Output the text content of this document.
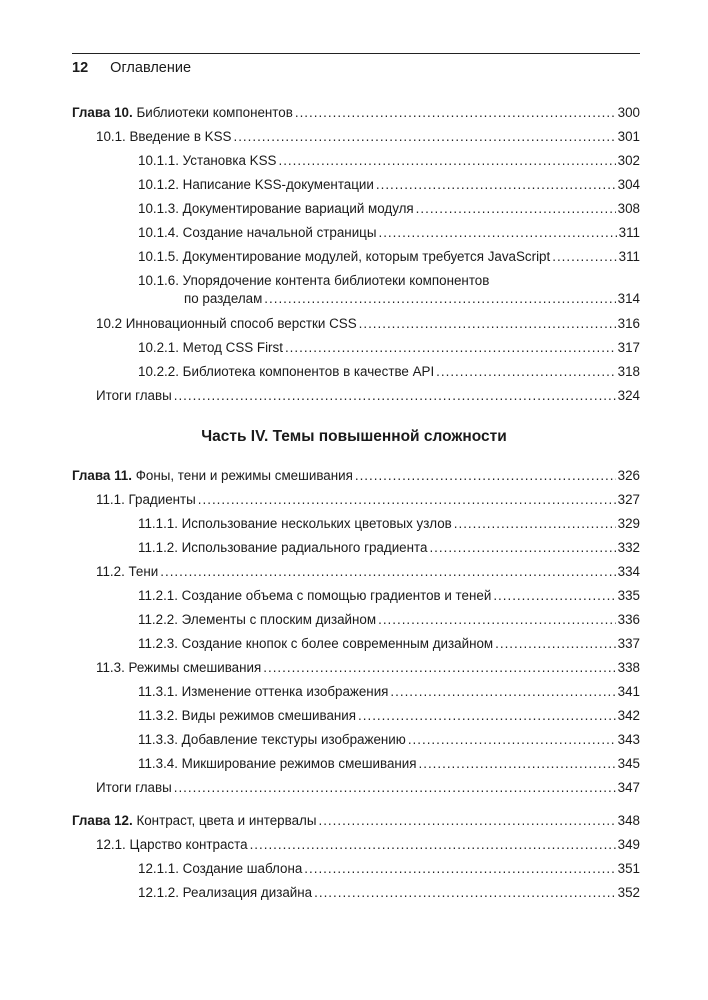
12 Оглавление
Глава 10. Библиотеки компонентов .....	300
10.1. Введение в KSS .....	301
10.1.1. Установка KSS .....	302
10.1.2. Написание KSS-документации .....	304
10.1.3. Документирование вариаций модуля .....	308
10.1.4. Создание начальной страницы .....	311
10.1.5. Документирование модулей, которым требуется JavaScript .....	311
10.1.6. Упорядочение контента библиотеки компонентов
по разделам .....	314
10.2 Инновационный способ верстки CSS .....	316
10.2.1. Метод CSS First .....	317
10.2.2. Библиотека компонентов в качестве API .....	318
Итоги главы .....	324
Часть IV. Темы повышенной сложности
Глава 11. Фоны, тени и режимы смешивания .....	326
11.1. Градиенты .....	327
11.1.1. Использование нескольких цветовых узлов .....	329
11.1.2. Использование радиального градиента .....	332
11.2. Тени .....	334
11.2.1. Создание объема с помощью градиентов и теней .....	335
11.2.2. Элементы с плоским дизайном .....	336
11.2.3. Создание кнопок с более современным дизайном .....	337
11.3. Режимы смешивания .....	338
11.3.1. Изменение оттенка изображения .....	341
11.3.2. Виды режимов смешивания .....	342
11.3.3. Добавление текстуры изображению .....	343
11.3.4. Микширование режимов смешивания .....	345
Итоги главы .....	347
Глава 12. Контраст, цвета и интервалы .....	348
12.1. Царство контраста .....	349
12.1.1. Создание шаблона .....	351
12.1.2. Реализация дизайна .....	352
